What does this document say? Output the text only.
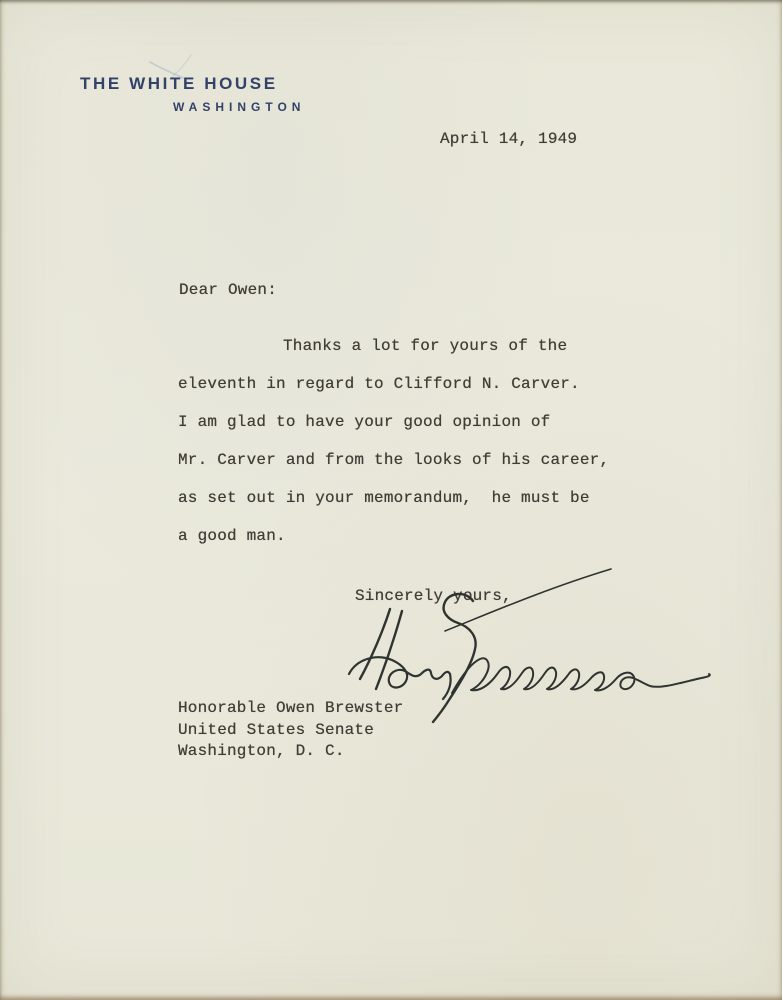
THE WHITE HOUSE
WASHINGTON
April 14, 1949
Dear Owen:
Thanks a lot for yours of the
eleventh in regard to Clifford N. Carver.
I am glad to have your good opinion of
Mr. Carver and from the looks of his career,
as set out in your memorandum,  he must be
a good man.
Sincerely yours,
Honorable Owen Brewster
United States Senate
Washington, D. C.
